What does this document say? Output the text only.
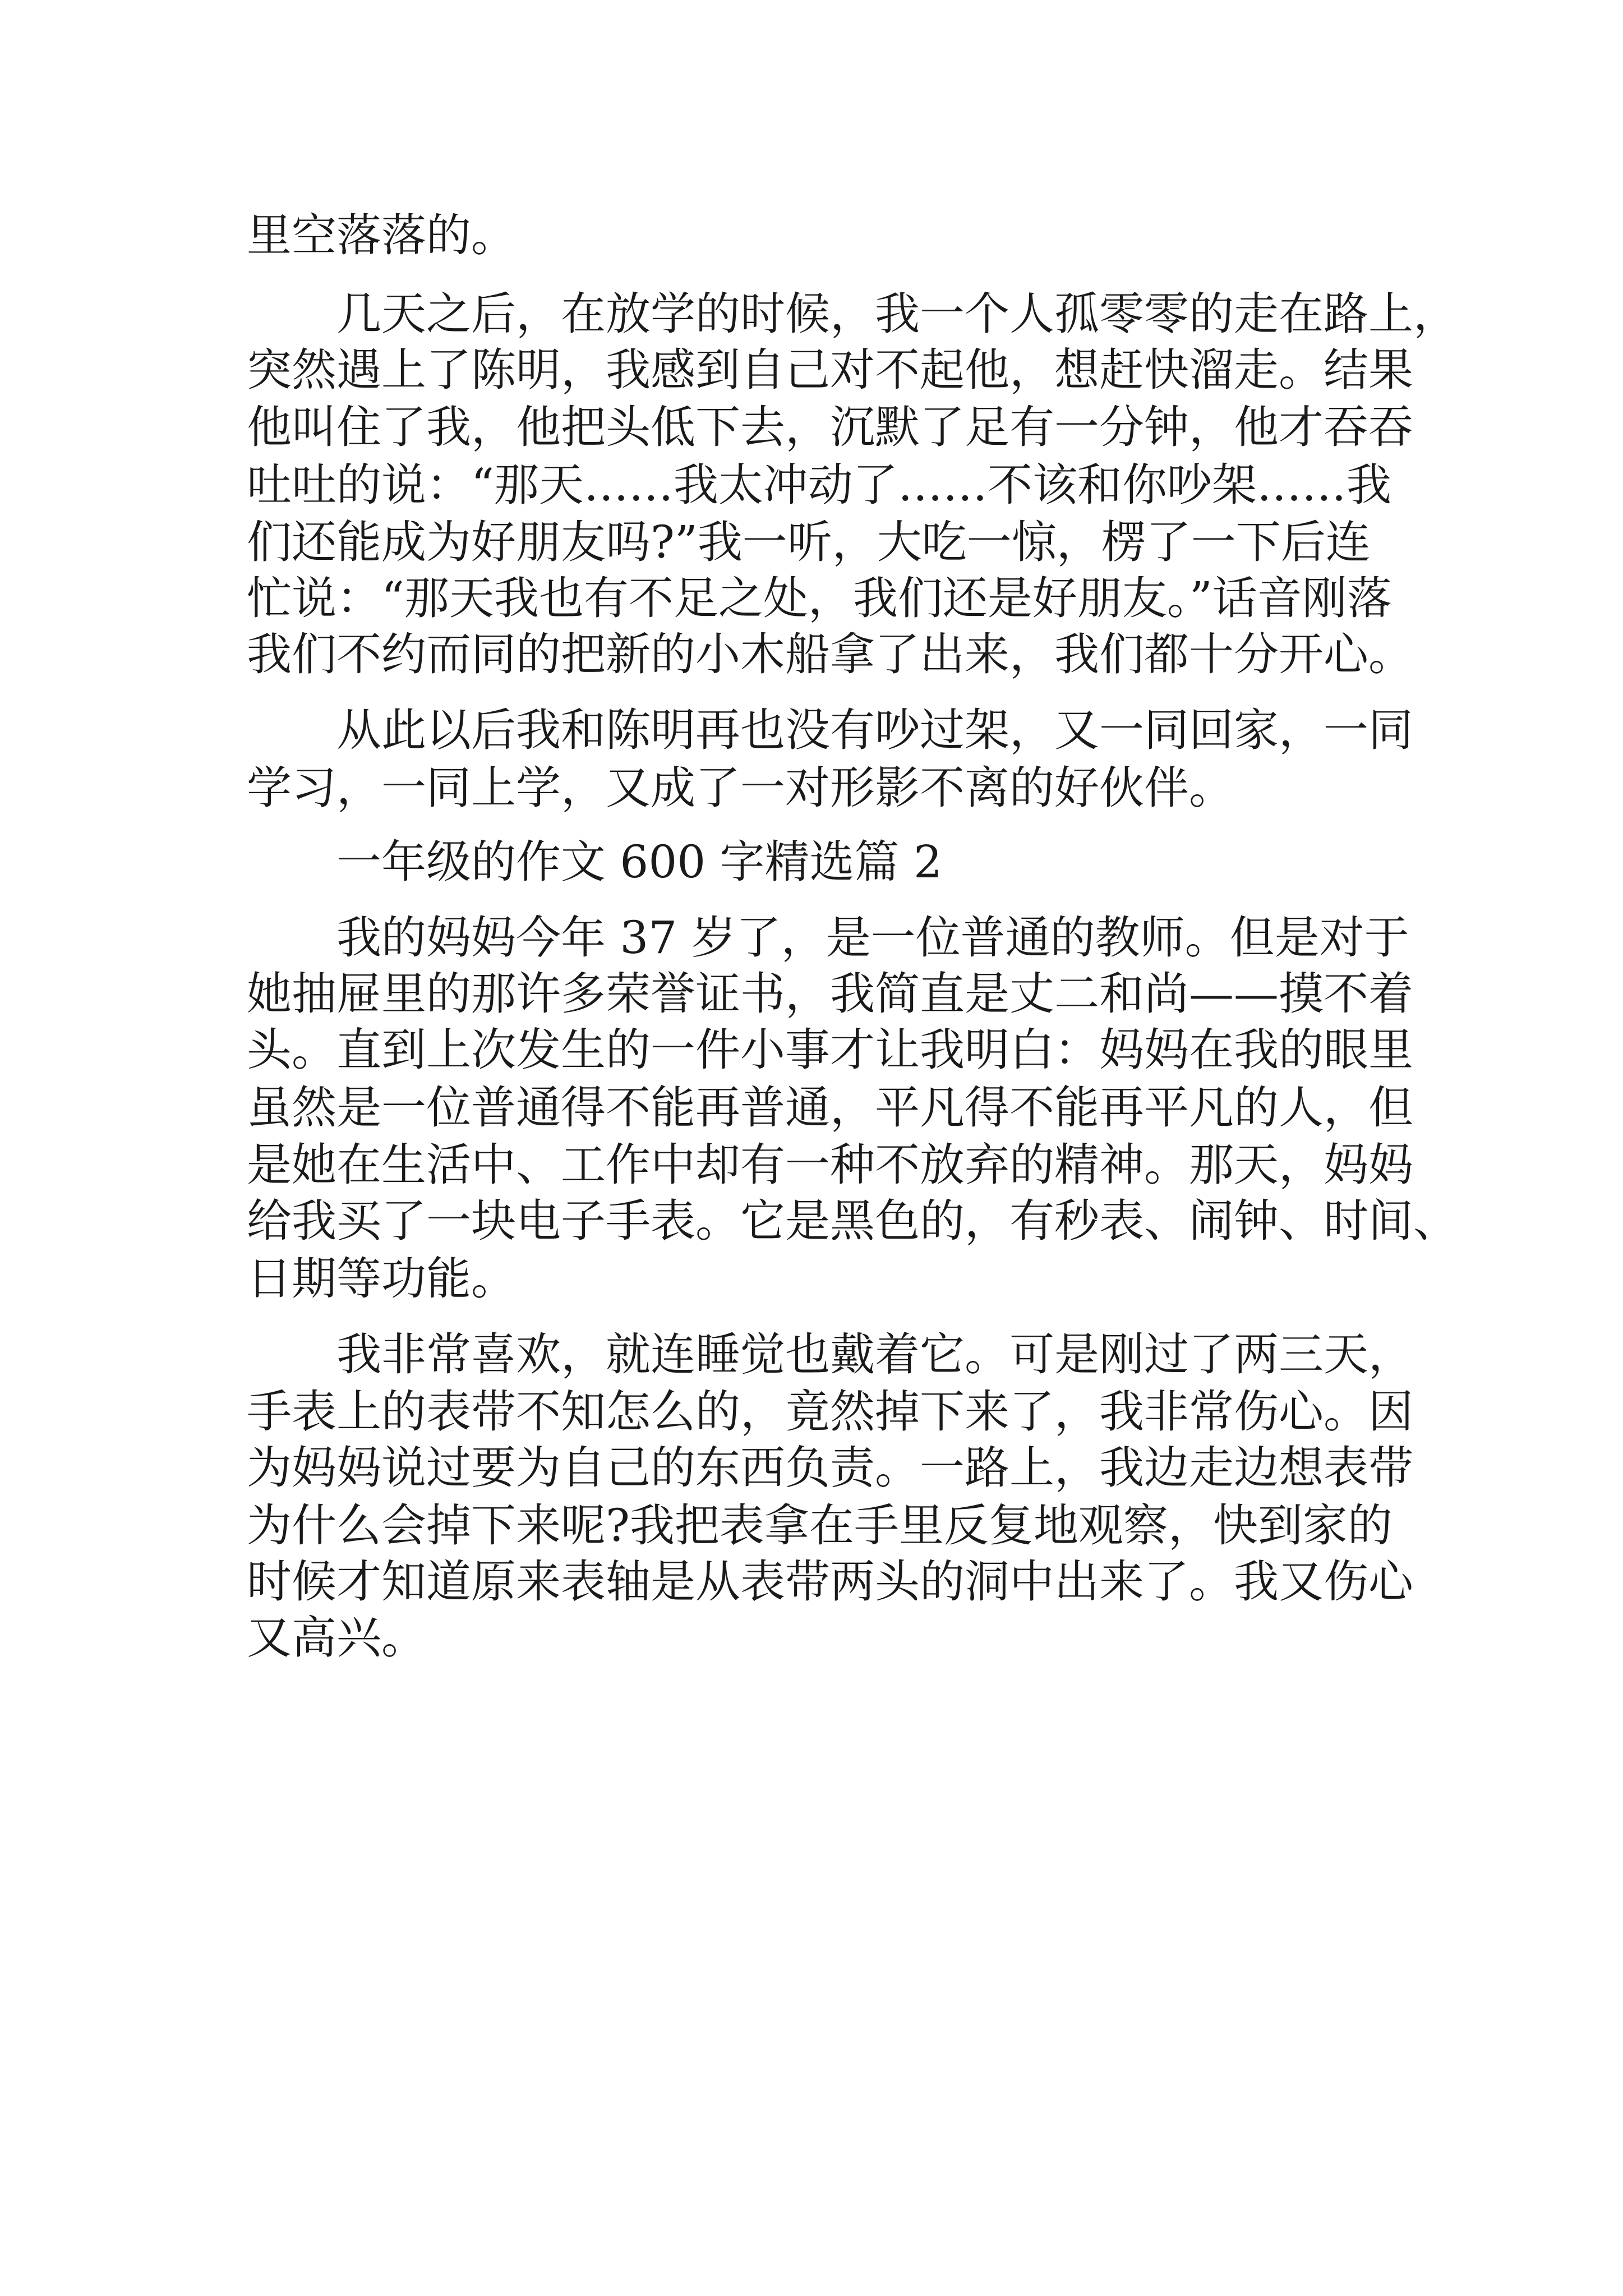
里空落落的。

几天之后，在放学的时候，我一个人孤零零的走在路上，

突然遇上了陈明，我感到自己对不起他，想赶快溜走。结果

他叫住了我，他把头低下去，沉默了足有一分钟，他才吞吞

吐吐的说：“那天……我太冲动了……不该和你吵架……我

们还能成为好朋友吗?”我一听，大吃一惊，楞了一下后连

忙说：“那天我也有不足之处，我们还是好朋友。”话音刚落

我们不约而同的把新的小木船拿了出来，我们都十分开心。

从此以后我和陈明再也没有吵过架，又一同回家，一同

学习，一同上学，又成了一对形影不离的好伙伴。

一年级的作文 600 字精选篇 2

我的妈妈今年 37 岁了，是一位普通的教师。但是对于

她抽屉里的那许多荣誉证书，我简直是丈二和尚——摸不着

头。直到上次发生的一件小事才让我明白：妈妈在我的眼里

虽然是一位普通得不能再普通，平凡得不能再平凡的人，但

是她在生活中、工作中却有一种不放弃的精神。那天，妈妈

给我买了一块电子手表。它是黑色的，有秒表、闹钟、时间、

日期等功能。

我非常喜欢，就连睡觉也戴着它。可是刚过了两三天，

手表上的表带不知怎么的，竟然掉下来了，我非常伤心。因

为妈妈说过要为自己的东西负责。一路上，我边走边想表带

为什么会掉下来呢?我把表拿在手里反复地观察，快到家的

时候才知道原来表轴是从表带两头的洞中出来了。我又伤心

又高兴。
